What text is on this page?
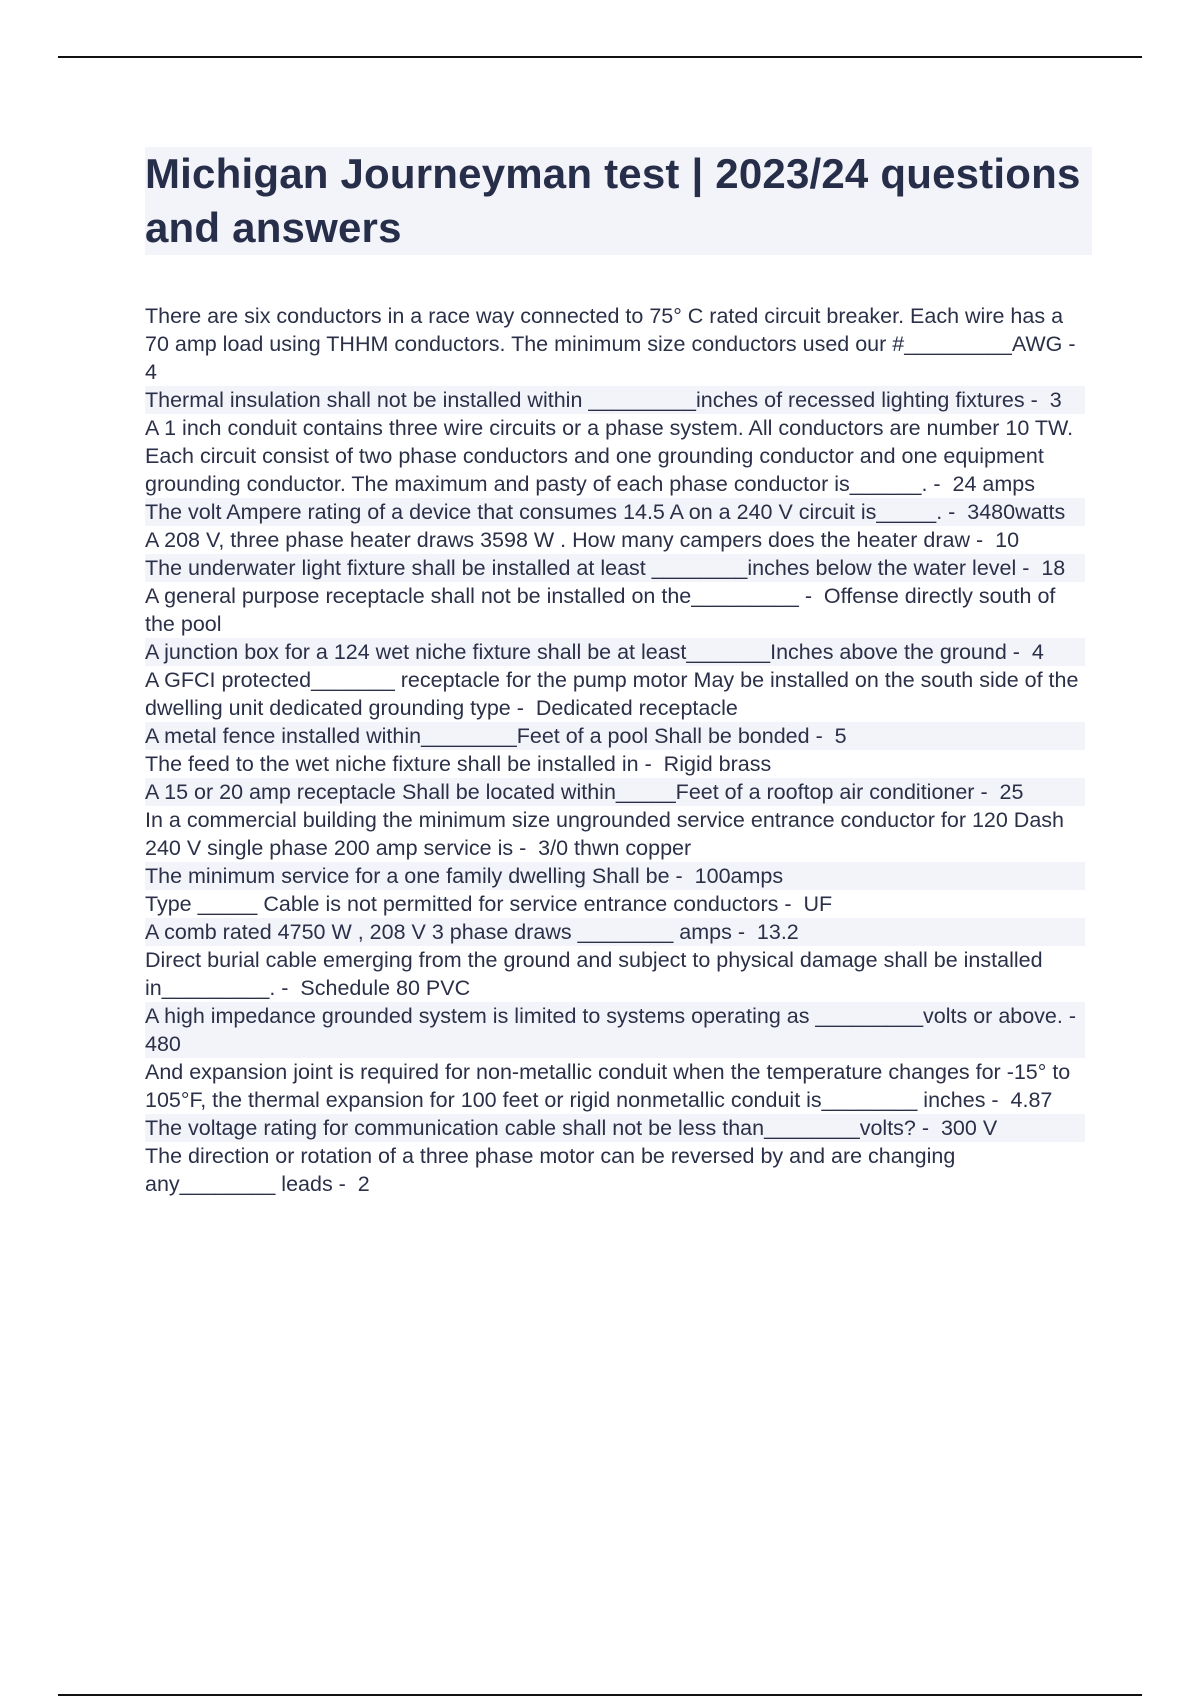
Michigan Journeyman test | 2023/24 questions and answers
There are six conductors in a race way connected to 75° C rated circuit breaker. Each wire has a 70 amp load using THHM conductors. The minimum size conductors used our #_________AWG -  4
Thermal insulation shall not be installed within _________inches of recessed lighting fixtures -  3
A 1 inch conduit contains three wire circuits or a phase system. All conductors are number 10 TW. Each circuit consist of two phase conductors and one grounding conductor and one equipment grounding conductor. The maximum and pasty of each phase conductor is______. -  24 amps
The volt Ampere rating of a device that consumes 14.5 A on a 240 V circuit is_____. -  3480watts
A 208 V, three phase heater draws 3598 W . How many campers does the heater draw -  10
The underwater light fixture shall be installed at least ________inches below the water level -  18
A general purpose receptacle shall not be installed on the_________ -  Offense directly south of the pool
A junction box for a 124 wet niche fixture shall be at least_______Inches above the ground -  4
A GFCI protected_______ receptacle for the pump motor May be installed on the south side of the dwelling unit dedicated grounding type -  Dedicated receptacle
A metal fence installed within________Feet of a pool Shall be bonded -  5
The feed to the wet niche fixture shall be installed in -  Rigid brass
A 15 or 20 amp receptacle Shall be located within_____Feet of a rooftop air conditioner -  25
In a commercial building the minimum size ungrounded service entrance conductor for 120 Dash 240 V single phase 200 amp service is -  3/0 thwn copper
The minimum service for a one family dwelling Shall be -  100amps
Type _____ Cable is not permitted for service entrance conductors -  UF
A comb rated 4750 W , 208 V 3 phase draws ________ amps -  13.2
Direct burial cable emerging from the ground and subject to physical damage shall be installed in_________. -  Schedule 80 PVC
A high impedance grounded system is limited to systems operating as _________volts or above. -  480
And expansion joint is required for non-metallic conduit when the temperature changes for -15° to 105°F, the thermal expansion for 100 feet or rigid nonmetallic conduit is________ inches -  4.87
The voltage rating for communication cable shall not be less than________volts? -  300 V
The direction or rotation of a three phase motor can be reversed by and are changing any________ leads -  2
